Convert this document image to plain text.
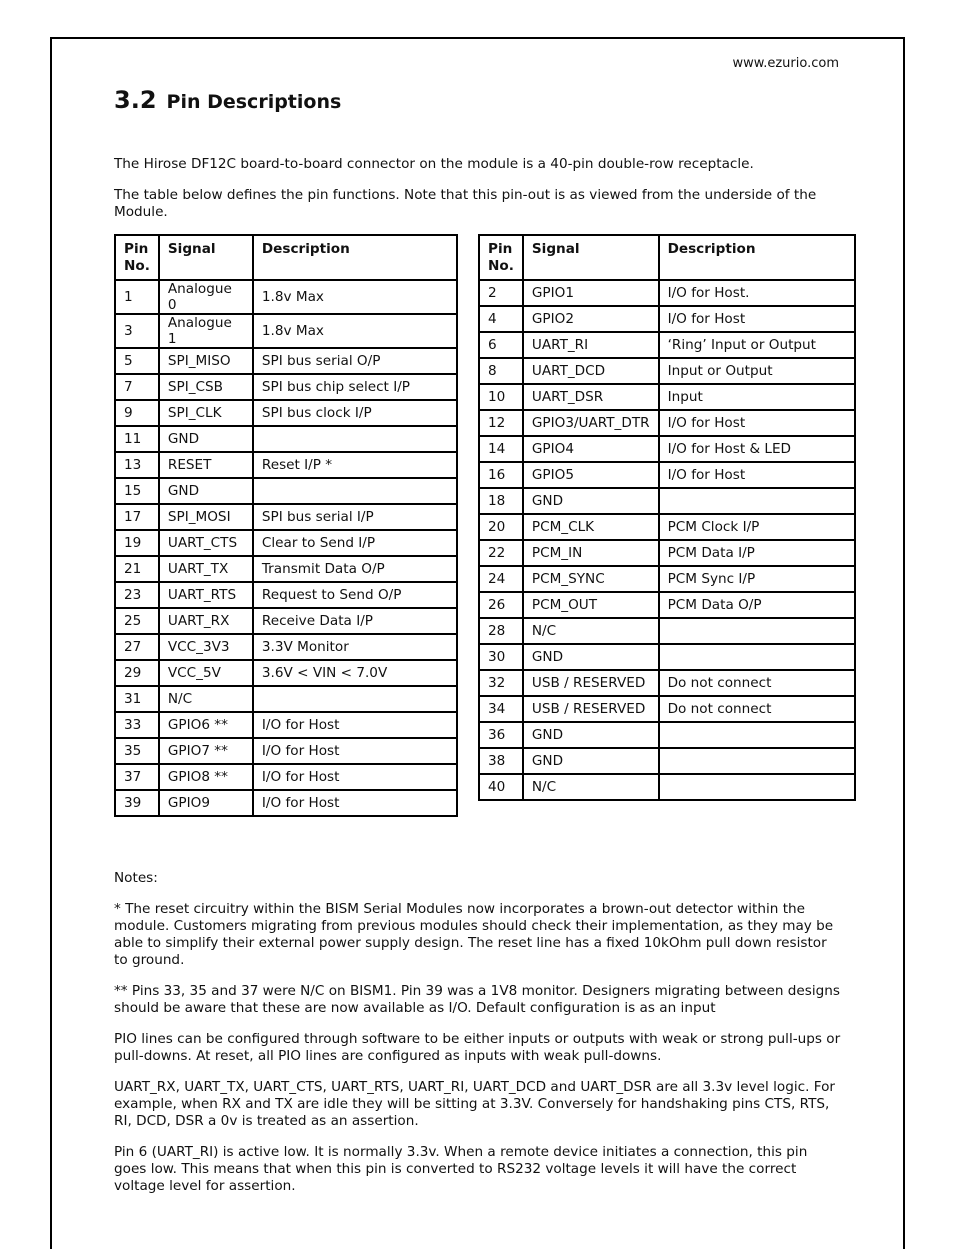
www.ezurio.com
3.2 Pin Descriptions

The Hirose DF12C board-to-board connector on the module is a 40-pin double-row receptacle.

The table below defines the pin functions. Note that this pin-out is as viewed from the underside of the Module.

Pin No.	Signal	Description
1	Analogue 0	1.8v Max
3	Analogue 1	1.8v Max
5	SPI_MISO	SPI bus serial O/P
7	SPI_CSB	SPI bus chip select I/P
9	SPI_CLK	SPI bus clock I/P
11	GND	
13	RESET	Reset I/P *
15	GND	
17	SPI_MOSI	SPI bus serial I/P
19	UART_CTS	Clear to Send I/P
21	UART_TX	Transmit Data O/P
23	UART_RTS	Request to Send O/P
25	UART_RX	Receive Data I/P
27	VCC_3V3	3.3V Monitor
29	VCC_5V	3.6V < VIN < 7.0V
31	N/C	
33	GPIO6 **	I/O for Host
35	GPIO7 **	I/O for Host
37	GPIO8 **	I/O for Host
39	GPIO9	I/O for Host
Pin No.	Signal	Description
2	GPIO1	I/O for Host.
4	GPIO2	I/O for Host
6	UART_RI	‘Ring’ Input or Output
8	UART_DCD	Input or Output
10	UART_DSR	Input
12	GPIO3/UART_DTR	I/O for Host
14	GPIO4	I/O for Host & LED
16	GPIO5	I/O for Host
18	GND	
20	PCM_CLK	PCM Clock I/P
22	PCM_IN	PCM Data I/P
24	PCM_SYNC	PCM Sync I/P
26	PCM_OUT	PCM Data O/P
28	N/C	
30	GND	
32	USB / RESERVED	Do not connect
34	USB / RESERVED	Do not connect
36	GND	
38	GND	
40	N/C	

Notes:

* The reset circuitry within the BISM Serial Modules now incorporates a brown-out detector within the module. Customers migrating from previous modules should check their implementation, as they may be able to simplify their external power supply design. The reset line has a fixed 10kOhm pull down resistor to ground.

** Pins 33, 35 and 37 were N/C on BISM1. Pin 39 was a 1V8 monitor. Designers migrating between designs should be aware that these are now available as I/O. Default configuration is as an input

PIO lines can be configured through software to be either inputs or outputs with weak or strong pull-ups or pull-downs. At reset, all PIO lines are configured as inputs with weak pull-downs.

UART_RX, UART_TX, UART_CTS, UART_RTS, UART_RI, UART_DCD and UART_DSR are all 3.3v level logic. For example, when RX and TX are idle they will be sitting at 3.3V. Conversely for handshaking pins CTS, RTS, RI, DCD, DSR a 0v is treated as an assertion.

Pin 6 (UART_RI) is active low. It is normally 3.3v. When a remote device initiates a connection, this pin goes low. This means that when this pin is converted to RS232 voltage levels it will have the correct voltage level for assertion.
